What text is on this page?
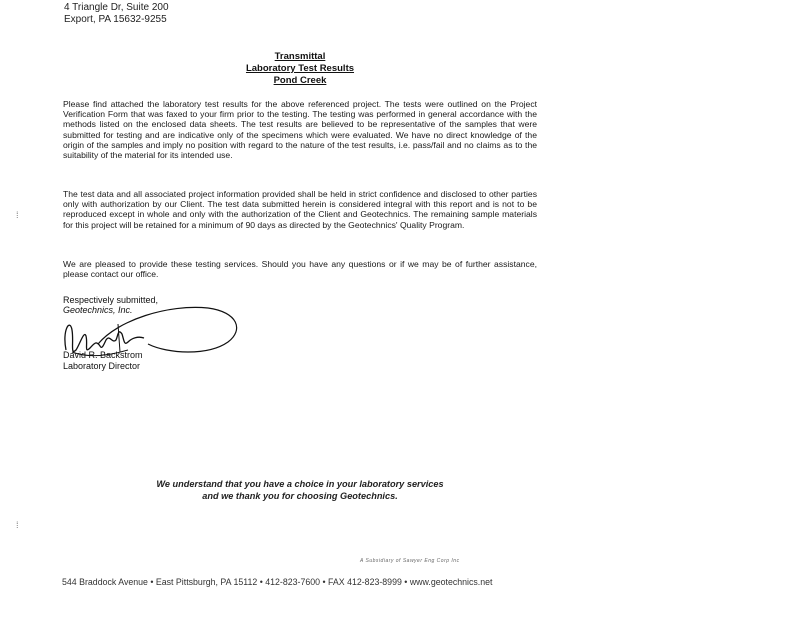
4 Triangle Dr, Suite 200
Export, PA 15632-9255
Transmittal
Laboratory Test Results
Pond Creek
Please find attached the laboratory test results for the above referenced project. The tests were outlined on the Project Verification Form that was faxed to your firm prior to the testing. The testing was performed in general accordance with the methods listed on the enclosed data sheets. The test results are believed to be representative of the samples that were submitted for testing and are indicative only of the specimens which were evaluated. We have no direct knowledge of the origin of the samples and imply no position with regard to the nature of the test results, i.e. pass/fail and no claims as to the suitability of the material for its intended use.
The test data and all associated project information provided shall be held in strict confidence and disclosed to other parties only with authorization by our Client. The test data submitted herein is considered integral with this report and is not to be reproduced except in whole and only with the authorization of the Client and Geotechnics. The remaining sample materials for this project will be retained for a minimum of 90 days as directed by the Geotechnics' Quality Program.
We are pleased to provide these testing services. Should you have any questions or if we may be of further assistance, please contact our office.
⁞
⁞
Respectively submitted,
Geotechnics, Inc.
David R. Backstrom
Laboratory Director
We understand that you have a choice in your laboratory services
and we thank you for choosing Geotechnics.
A Subsidiary of Sawyer Eng Corp Inc
544 Braddock Avenue • East Pittsburgh, PA 15112 • 412-823-7600 • FAX 412-823-8999 • www.geotechnics.net
